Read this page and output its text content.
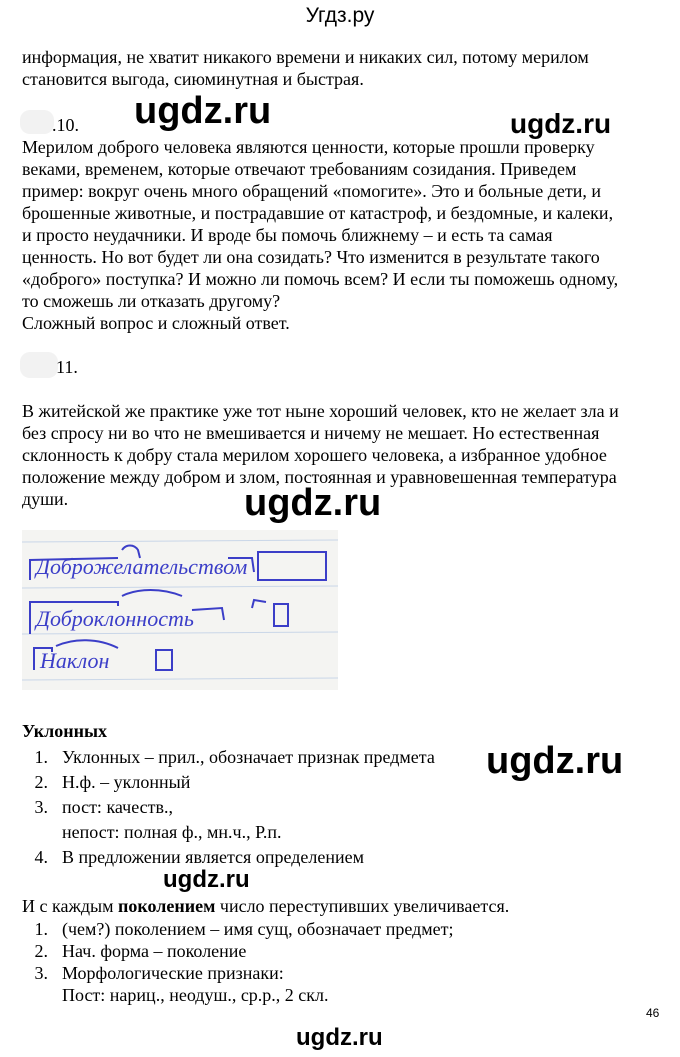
Угдз.ру
информация, не хватит никакого времени и никаких сил, потому мерилом
становится выгода, сиюминутная и быстрая.
.10. ugdz.ru	ugdz.ru
Мерилом доброго человека являются ценности, которые прошли проверку
веками, временем, которые отвечают требованиям созидания. Приведем
пример: вокруг очень много обращений «помогите». Это и больные дети, и
брошенные животные, и пострадавшие от катастроф, и бездомные, и калеки,
и просто неудачники. И вроде бы помочь ближнему – и есть та самая
ценность. Но вот будет ли она созидать? Что изменится в результате такого
«доброго» поступка? И можно ли помочь всем? И если ты поможешь одному,
то сможешь ли отказать другому?
Сложный вопрос и сложный ответ.
11.
В житейской же практике уже тот ныне хороший человек, кто не желает зла и
без спросу ни во что не вмешивается и ничему не мешает. Но естественная
склонность к добру стала мерилом хорошего человека, а избранное удобное
положение между добром и злом, постоянная и уравновешенная температура
души.	ugdz.ru
Доброжелательством
Доброклонность
Наклон
Уклонных
1. Уклонных – прил., обозначает признак предмета
2. Н.ф. – уклонный
3. пост: качеств.,
непост: полная ф., мн.ч., Р.п.
4. В предложении является определением
ugdz.ru
ugdz.ru
И с каждым поколением число переступивших увеличивается.
1. (чем?) поколением – имя сущ, обозначает предмет;
2. Нач. форма – поколение
3. Морфологические признаки:
Пост: нариц., неодуш., ср.р., 2 скл.
46
ugdz.ru
